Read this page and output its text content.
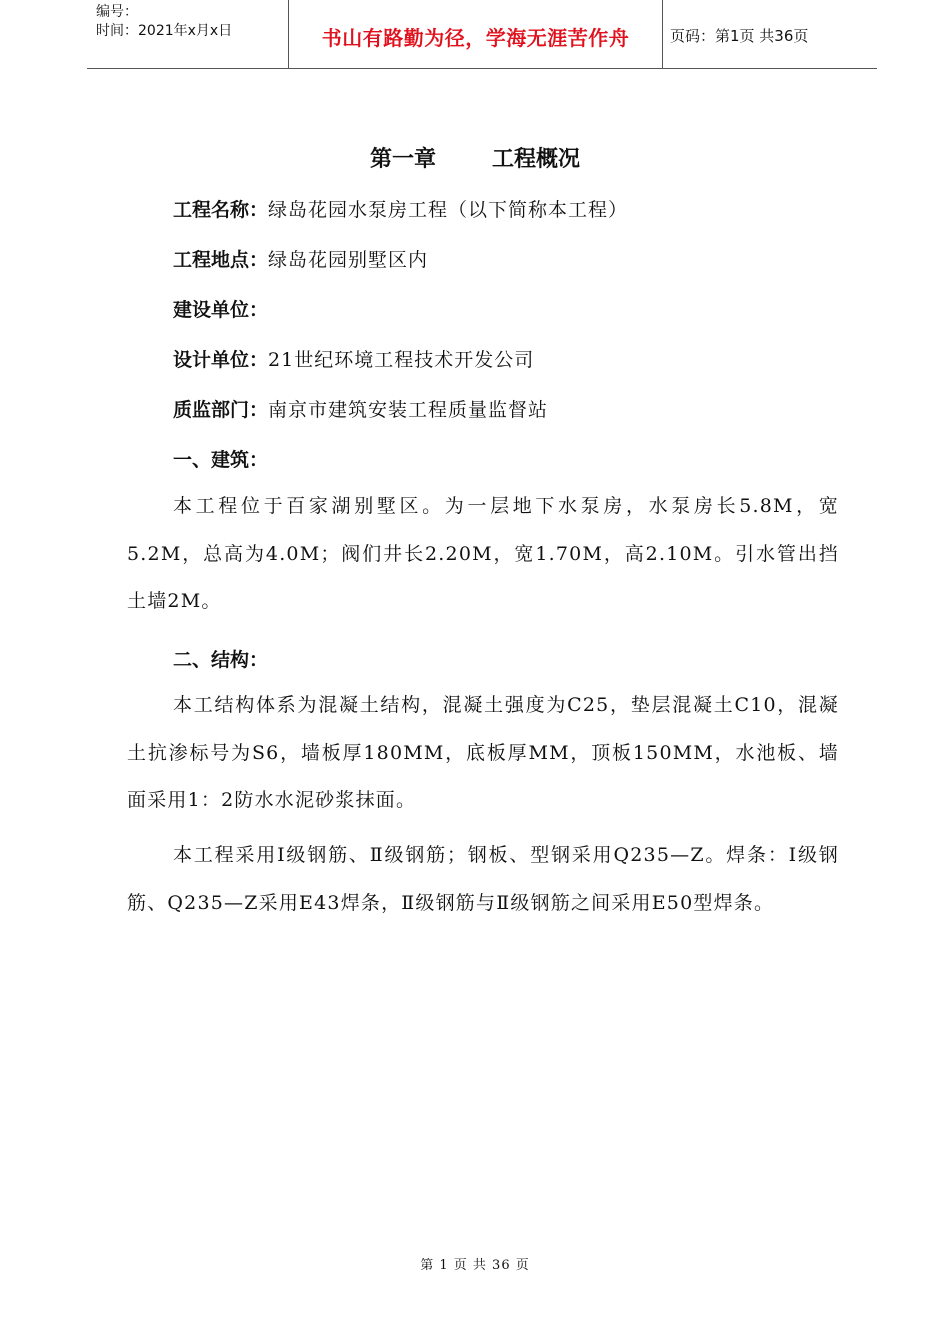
编号：
时间：2021年x月x日	书山有路勤为径，学海无涯苦作舟	页码：第1页 共36页
第一章	工程概况
工程名称：绿岛花园水泵房工程（以下简称本工程）
工程地点：绿岛花园别墅区内
建设单位：
设计单位：21世纪环境工程技术开发公司
质监部门：南京市建筑安装工程质量监督站
一、建筑：
本工程位于百家湖别墅区。为一层地下水泵房，水泵房长5.8M，宽5.2M，总高为4.0M；阀们井长2.20M，宽1.70M，高2.10M。引水管出挡土墙2M。
二、结构：
本工结构体系为混凝土结构，混凝土强度为C25，垫层混凝土C10，混凝土抗渗标号为S6，墙板厚180MM，底板厚MM，顶板150MM，水池板、墙面采用1：2防水水泥砂浆抹面。
本工程采用Ⅰ级钢筋、Ⅱ级钢筋；钢板、型钢采用Q235—Z。焊条：Ⅰ级钢筋、Q235—Z采用E43焊条，Ⅱ级钢筋与Ⅱ级钢筋之间采用E50型焊条。
第 1 页 共 36 页
